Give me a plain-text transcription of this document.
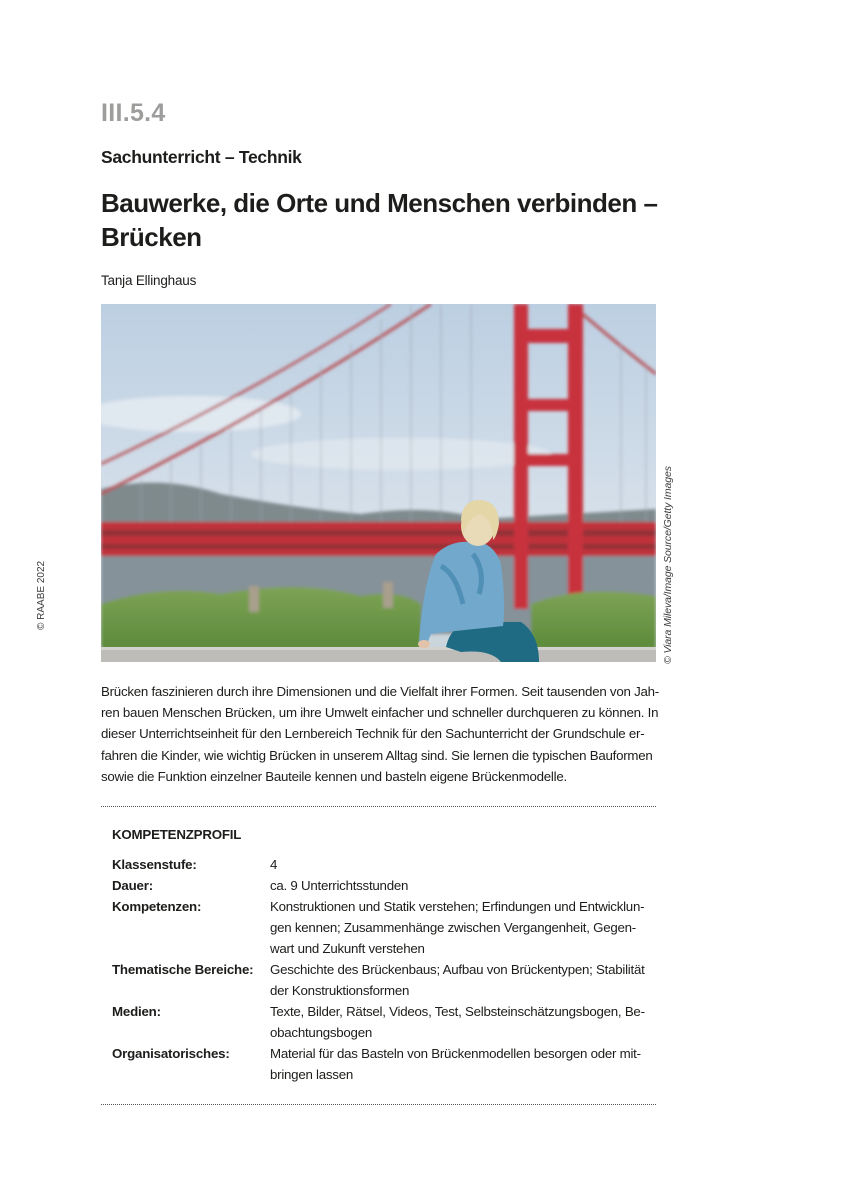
III.5.4
Sachunterricht – Technik
Bauwerke, die Orte und Menschen verbinden –
Brücken
Tanja Ellinghaus
© Viara Mileva/Image Source/Getty Images
© RAABE 2022
Brücken faszinieren durch ihre Dimensionen und die Vielfalt ihrer Formen. Seit tausenden von Jah-
ren bauen Menschen Brücken, um ihre Umwelt einfacher und schneller durchqueren zu können. In
dieser Unterrichtseinheit für den Lernbereich Technik für den Sachunterricht der Grundschule er-
fahren die Kinder, wie wichtig Brücken in unserem Alltag sind. Sie lernen die typischen Bauformen
sowie die Funktion einzelner Bauteile kennen und basteln eigene Brückenmodelle.
KOMPETENZPROFIL
Klassenstufe:	4
Dauer:	ca. 9 Unterrichtsstunden
Kompetenzen:	Konstruktionen und Statik verstehen; Erfindungen und Entwicklun-
gen kennen; Zusammenhänge zwischen Vergangenheit, Gegen-
wart und Zukunft verstehen
Thematische Bereiche:	Geschichte des Brückenbaus; Aufbau von Brückentypen; Stabilität
der Konstruktionsformen
Medien:	Texte, Bilder, Rätsel, Videos, Test, Selbsteinschätzungsbogen, Be-
obachtungsbogen
Organisatorisches:	Material für das Basteln von Brückenmodellen besorgen oder mit-
bringen lassen
